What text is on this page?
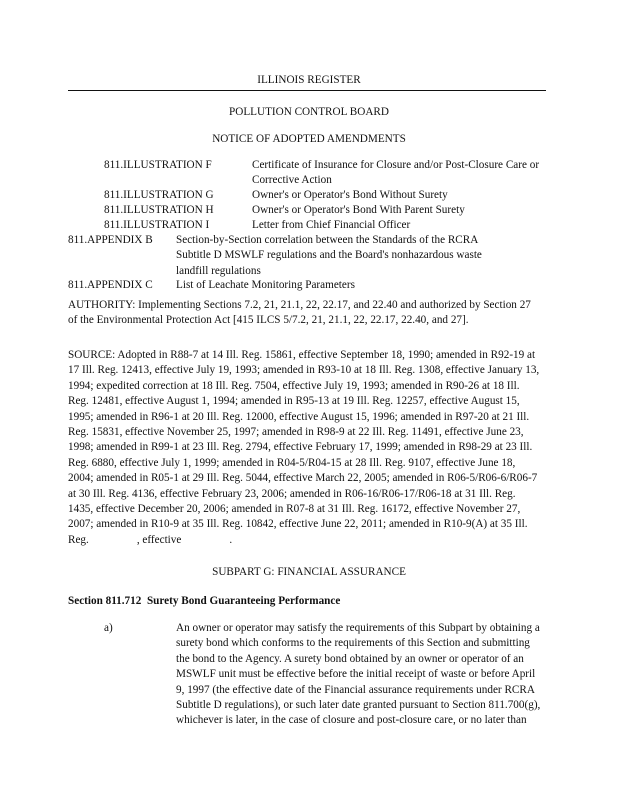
ILLINOIS REGISTER
POLLUTION CONTROL BOARD
NOTICE OF ADOPTED AMENDMENTS
811.ILLUSTRATION F	Certificate of Insurance for Closure and/or Post-Closure Care or Corrective Action
811.ILLUSTRATION G	Owner's or Operator's Bond Without Surety
811.ILLUSTRATION H	Owner's or Operator's Bond With Parent Surety
811.ILLUSTRATION I	Letter from Chief Financial Officer
811.APPENDIX B Section-by-Section correlation between the Standards of the RCRA Subtitle D MSWLF regulations and the Board's nonhazardous waste landfill regulations
811.APPENDIX C List of Leachate Monitoring Parameters
AUTHORITY: Implementing Sections 7.2, 21, 21.1, 22, 22.17, and 22.40 and authorized by Section 27 of the Environmental Protection Act [415 ILCS 5/7.2, 21, 21.1, 22, 22.17, 22.40, and 27].
SOURCE: Adopted in R88-7 at 14 Ill. Reg. 15861, effective September 18, 1990; amended in R92-19 at 17 Ill. Reg. 12413, effective July 19, 1993; amended in R93-10 at 18 Ill. Reg. 1308, effective January 13, 1994; expedited correction at 18 Ill. Reg. 7504, effective July 19, 1993; amended in R90-26 at 18 Ill. Reg. 12481, effective August 1, 1994; amended in R95-13 at 19 Ill. Reg. 12257, effective August 15, 1995; amended in R96-1 at 20 Ill. Reg. 12000, effective August 15, 1996; amended in R97-20 at 21 Ill. Reg. 15831, effective November 25, 1997; amended in R98-9 at 22 Ill. Reg. 11491, effective June 23, 1998; amended in R99-1 at 23 Ill. Reg. 2794, effective February 17, 1999; amended in R98-29 at 23 Ill. Reg. 6880, effective July 1, 1999; amended in R04-5/R04-15 at 28 Ill. Reg. 9107, effective June 18, 2004; amended in R05-1 at 29 Ill. Reg. 5044, effective March 22, 2005; amended in R06-5/R06-6/R06-7 at 30 Ill. Reg. 4136, effective February 23, 2006; amended in R06-16/R06-17/R06-18 at 31 Ill. Reg. 1435, effective December 20, 2006; amended in R07-8 at 31 Ill. Reg. 16172, effective November 27, 2007; amended in R10-9 at 35 Ill. Reg. 10842, effective June 22, 2011; amended in R10-9(A) at 35 Ill. Reg.	, effective	.
SUBPART G: FINANCIAL ASSURANCE
Section 811.712 Surety Bond Guaranteeing Performance
a)	An owner or operator may satisfy the requirements of this Subpart by obtaining a surety bond which conforms to the requirements of this Section and submitting the bond to the Agency. A surety bond obtained by an owner or operator of an MSWLF unit must be effective before the initial receipt of waste or before April 9, 1997 (the effective date of the Financial assurance requirements under RCRA Subtitle D regulations), or such later date granted pursuant to Section 811.700(g), whichever is later, in the case of closure and post-closure care, or no later than
